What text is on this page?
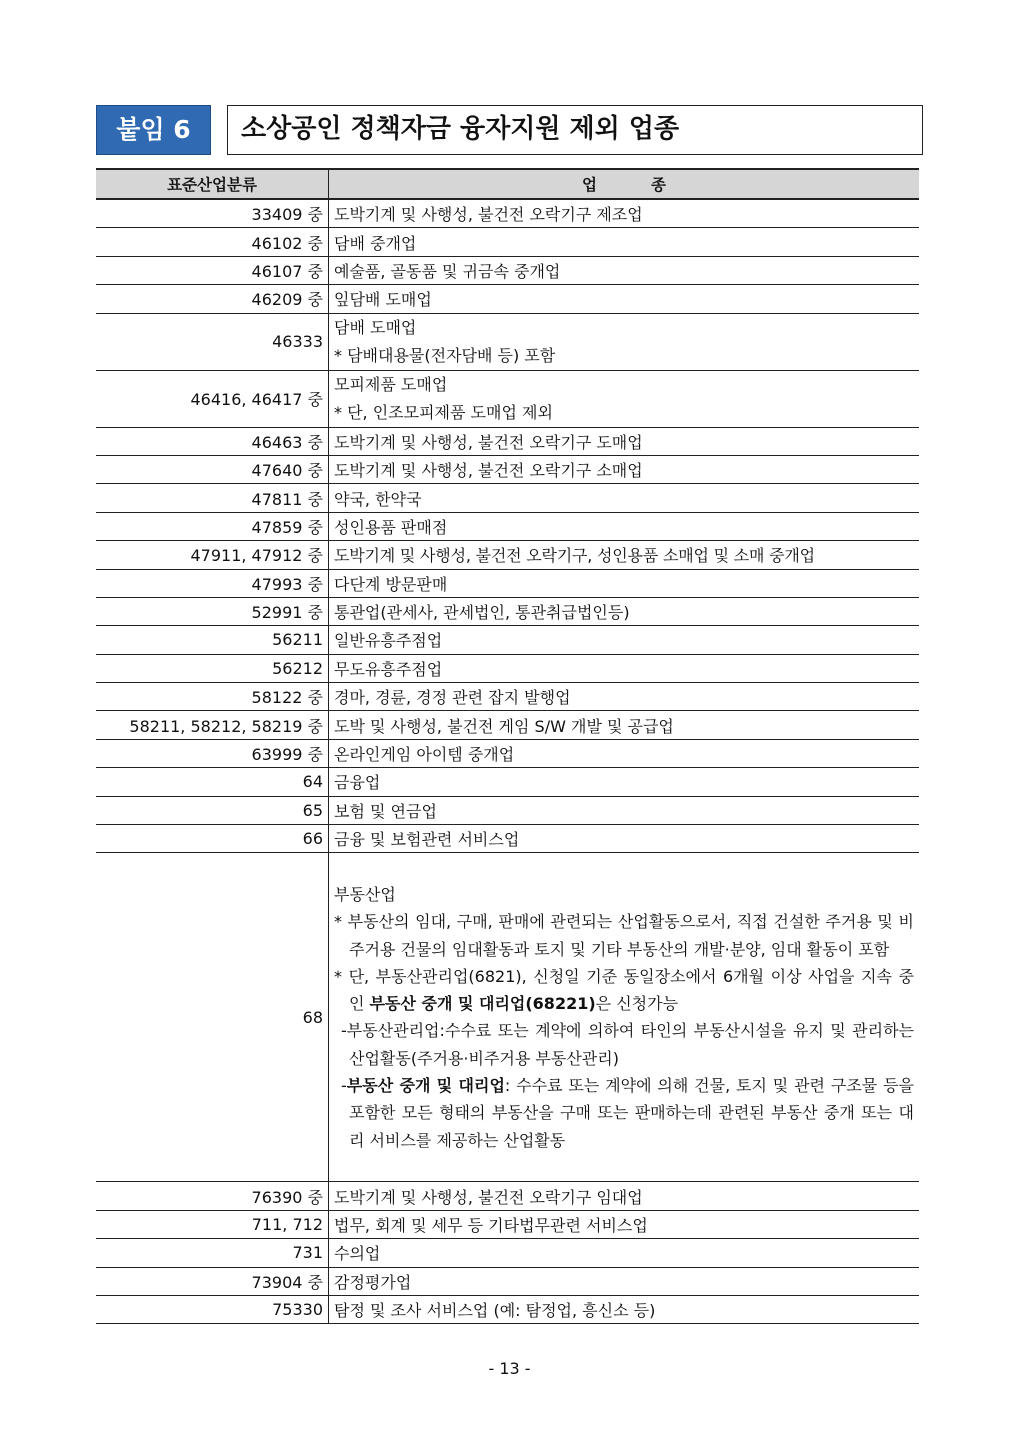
붙임 6	소상공인 정책자금 융자지원 제외 업종
표준산업분류	업          종
33409 중	도박기계 및 사행성, 불건전 오락기구 제조업
46102 중	담배 중개업
46107 중	예술품, 골동품 및 귀금속 중개업
46209 중	잎담배 도매업
46333	담배 도매업
* 담배대용물(전자담배 등) 포함

46416, 46417 중	모피제품 도매업
* 단, 인조모피제품 도매업 제외

46463 중	도박기계 및 사행성, 불건전 오락기구 도매업
47640 중	도박기계 및 사행성, 불건전 오락기구 소매업
47811 중	약국, 한약국
47859 중	성인용품 판매점
47911, 47912 중	도박기계 및 사행성, 불건전 오락기구, 성인용품 소매업 및 소매 중개업
47993 중	다단계 방문판매
52991 중	통관업(관세사, 관세법인, 통관취급법인등)
56211	일반유흥주점업
56212	무도유흥주점업
58122 중	경마, 경륜, 경정 관련 잡지 발행업
58211, 58212, 58219 중	도박 및 사행성, 불건전 게임 S/W 개발 및 공급업
63999 중	온라인게임 아이템 중개업
64	금융업
65	보험 및 연금업
66	금융 및 보험관련 서비스업
68	부동산업
* 부동산의 임대, 구매, 판매에 관련되는 산업활동으로서, 직접 건설한 주거용 및 비주거용 건물의 임대활동과 토지 및 기타 부동산의 개발·분양, 임대 활동이 포함
* 단, 부동산관리업(6821), 신청일 기준 동일장소에서 6개월 이상 사업을 지속 중인 부동산 중개 및 대리업(68221)은 신청가능
-부동산관리업:수수료 또는 계약에 의하여 타인의 부동산시설을 유지 및 관리하는 산업활동(주거용·비주거용 부동산관리)
-부동산 중개 및 대리업: 수수료 또는 계약에 의해 건물, 토지 및 관련 구조물 등을 포함한 모든 형태의 부동산을 구매 또는 판매하는데 관련된 부동산 중개 또는 대리 서비스를 제공하는 산업활동

76390 중	도박기계 및 사행성, 불건전 오락기구 임대업
711, 712	법무, 회계 및 세무 등 기타법무관련 서비스업
731	수의업
73904 중	감정평가업
75330	탐정 및 조사 서비스업 (예: 탐정업, 흥신소 등)
- 13 -
